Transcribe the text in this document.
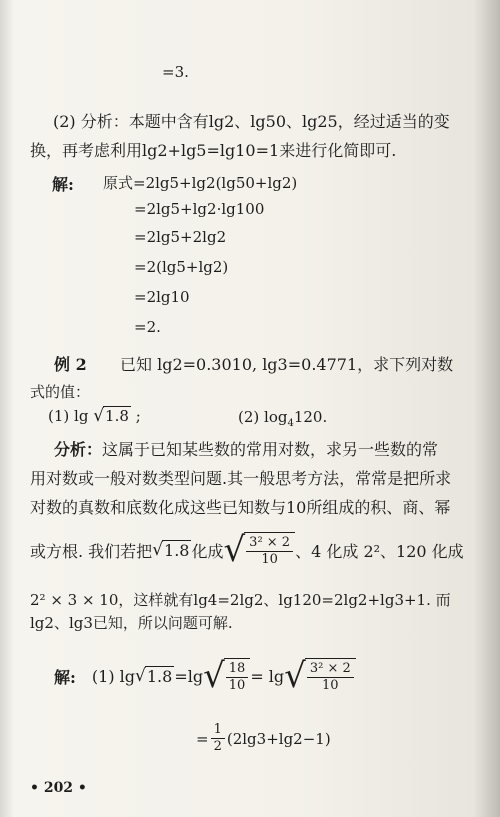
=3.
(2) 分析：本题中含有lg2、lg50、lg25，经过适当的变
换，再考虑利用lg2+lg5=lg10=1来进行化简即可.
解: 原式=2lg5+lg2(lg50+lg2)
=2lg5+lg2·lg100
=2lg5+2lg2
=2(lg5+lg2)
=2lg10
=2.
例 2 已知 lg2=0.3010, lg3=0.4771，求下列对数
式的值：
(1) lg √1.8 ;	(2) $\log_4120$.
分析：这属于已知某些数的常用对数，求另一些数的常
用对数或一般对数类型问题.其一般思考方法，常常是把所求
对数的真数和底数化成这些已知数与10所组成的积、商、幂
或方根. 我们若把 √ 1.8 化成 √ $\frac{\text{3² × 2}}{10}$ 、4 化成 2²、120 化成
2² × 3 × 10，这样就有lg4=2lg2、lg120=2lg2+lg3+1. 而
lg2、lg3已知，所以问题可解.
解: (1) lg √ 1.8 =lg √ $\frac{18}{10} = \lg$ √ $\frac{\text{3² × 2}}{10}$
= $\frac{1}{2} (2\lg 3+\lg 2-1)$
• 202 •
